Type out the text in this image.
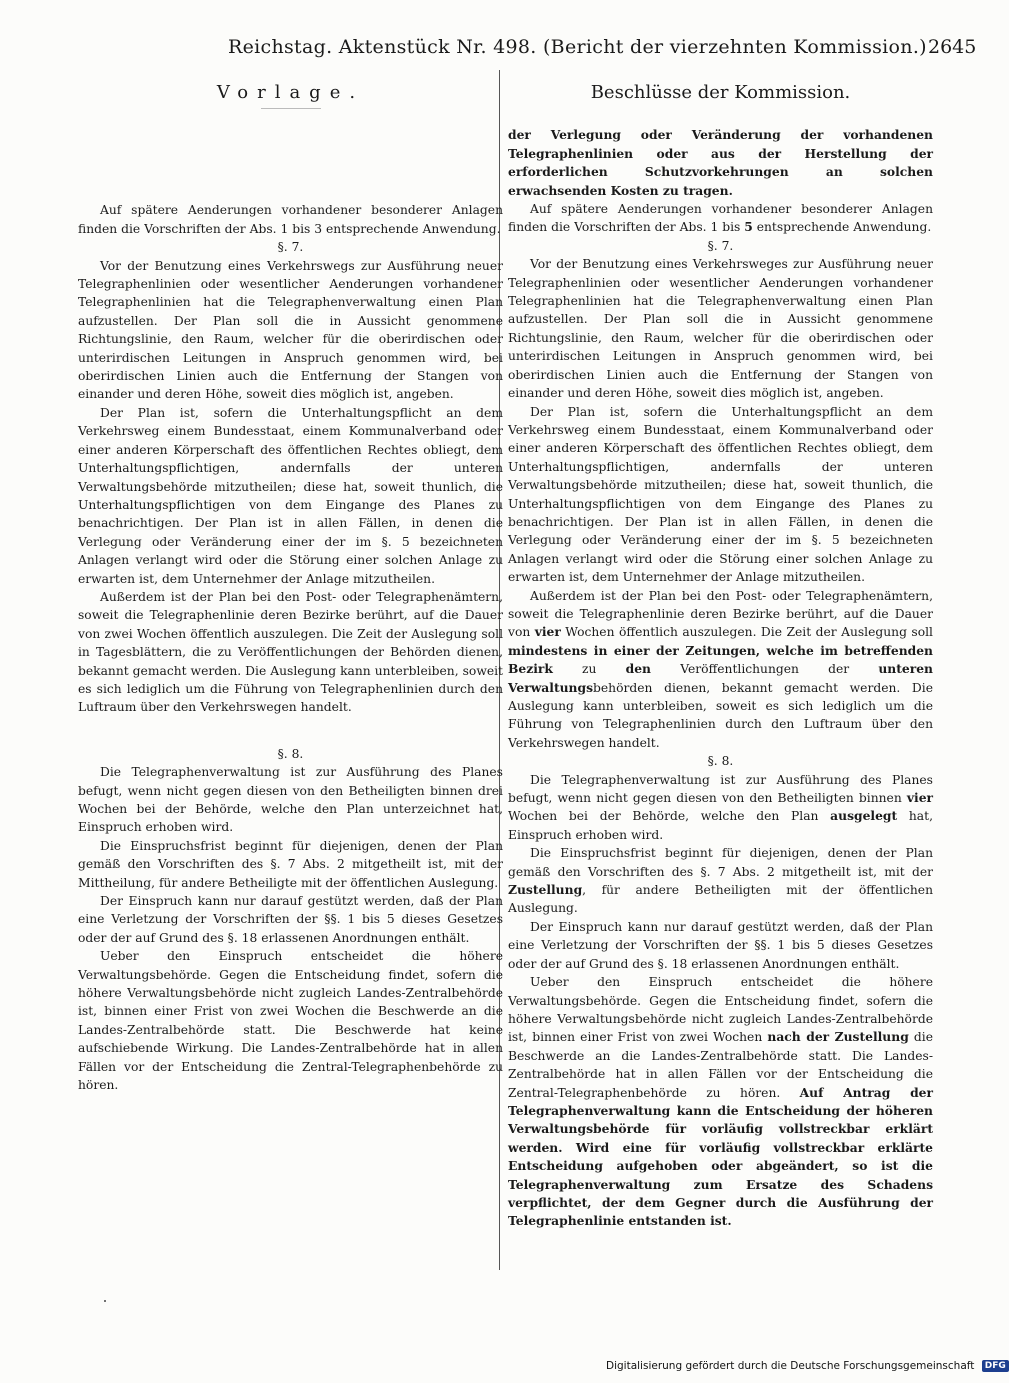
Reichstag. Aktenstück Nr. 498. (Bericht der vierzehnten Kommission.) 2645
Vorlage.

Auf spätere Aenderungen vorhandener besonderer Anlagen finden die Vorschriften der Abs. 1 bis 3 entsprechende Anwendung.

§. 7.

Vor der Benutzung eines Verkehrswegs zur Ausführung neuer Telegraphenlinien oder wesentlicher Aenderungen vorhandener Telegraphenlinien hat die Telegraphenverwaltung einen Plan aufzustellen. Der Plan soll die in Aussicht genommene Richtungslinie, den Raum, welcher für die oberirdischen oder unterirdischen Leitungen in Anspruch genommen wird, bei oberirdischen Linien auch die Entfernung der Stangen von einander und deren Höhe, soweit dies möglich ist, angeben.

Der Plan ist, sofern die Unterhaltungspflicht an dem Verkehrsweg einem Bundesstaat, einem Kommunalverband oder einer anderen Körperschaft des öffentlichen Rechtes obliegt, dem Unterhaltungspflichtigen, andernfalls der unteren Verwaltungsbehörde mitzutheilen; diese hat, soweit thunlich, die Unterhaltungspflichtigen von dem Eingange des Planes zu benachrichtigen. Der Plan ist in allen Fällen, in denen die Verlegung oder Veränderung einer der im §. 5 bezeichneten Anlagen verlangt wird oder die Störung einer solchen Anlage zu erwarten ist, dem Unternehmer der Anlage mitzutheilen.

Außerdem ist der Plan bei den Post- oder Telegraphenämtern, soweit die Telegraphenlinie deren Bezirke berührt, auf die Dauer von zwei Wochen öffentlich auszulegen. Die Zeit der Auslegung soll in Tagesblättern, die zu Veröffentlichungen der Behörden dienen, bekannt gemacht werden. Die Auslegung kann unterbleiben, soweit es sich lediglich um die Führung von Telegraphenlinien durch den Luftraum über den Verkehrswegen handelt.

§. 8.

Die Telegraphenverwaltung ist zur Ausführung des Planes befugt, wenn nicht gegen diesen von den Betheiligten binnen drei Wochen bei der Behörde, welche den Plan unterzeichnet hat, Einspruch erhoben wird.

Die Einspruchsfrist beginnt für diejenigen, denen der Plan gemäß den Vorschriften des §. 7 Abs. 2 mitgetheilt ist, mit der Mittheilung, für andere Betheiligte mit der öffentlichen Auslegung.

Der Einspruch kann nur darauf gestützt werden, daß der Plan eine Verletzung der Vorschriften der §§. 1 bis 5 dieses Gesetzes oder der auf Grund des §. 18 erlassenen Anordnungen enthält.

Ueber den Einspruch entscheidet die höhere Verwaltungsbehörde. Gegen die Entscheidung findet, sofern die höhere Verwaltungsbehörde nicht zugleich Landes-Zentralbehörde ist, binnen einer Frist von zwei Wochen die Beschwerde an die Landes-Zentralbehörde statt. Die Beschwerde hat keine aufschiebende Wirkung. Die Landes-Zentralbehörde hat in allen Fällen vor der Entscheidung die Zentral-Telegraphenbehörde zu hören.

Beschlüsse der Kommission.

der Verlegung oder Veränderung der vorhandenen Telegraphenlinien oder aus der Herstellung der erforderlichen Schutzvorkehrungen an solchen erwachsenden Kosten zu tragen.

Auf spätere Aenderungen vorhandener besonderer Anlagen finden die Vorschriften der Abs. 1 bis 5 entsprechende Anwendung.

§. 7.

Vor der Benutzung eines Verkehrsweges zur Ausführung neuer Telegraphenlinien oder wesentlicher Aenderungen vorhandener Telegraphenlinien hat die Telegraphenverwaltung einen Plan aufzustellen. Der Plan soll die in Aussicht genommene Richtungslinie, den Raum, welcher für die oberirdischen oder unterirdischen Leitungen in Anspruch genommen wird, bei oberirdischen Linien auch die Entfernung der Stangen von einander und deren Höhe, soweit dies möglich ist, angeben.

Der Plan ist, sofern die Unterhaltungspflicht an dem Verkehrsweg einem Bundesstaat, einem Kommunalverband oder einer anderen Körperschaft des öffentlichen Rechtes obliegt, dem Unterhaltungspflichtigen, andernfalls der unteren Verwaltungsbehörde mitzutheilen; diese hat, soweit thunlich, die Unterhaltungspflichtigen von dem Eingange des Planes zu benachrichtigen. Der Plan ist in allen Fällen, in denen die Verlegung oder Veränderung einer der im §. 5 bezeichneten Anlagen verlangt wird oder die Störung einer solchen Anlage zu erwarten ist, dem Unternehmer der Anlage mitzutheilen.

Außerdem ist der Plan bei den Post- oder Telegraphenämtern, soweit die Telegraphenlinie deren Bezirke berührt, auf die Dauer von vier Wochen öffentlich auszulegen. Die Zeit der Auslegung soll mindestens in einer der Zeitungen, welche im betreffenden Bezirk zu den Veröffentlichungen der unteren Verwaltungsbehörden dienen, bekannt gemacht werden. Die Auslegung kann unterbleiben, soweit es sich lediglich um die Führung von Telegraphenlinien durch den Luftraum über den Verkehrswegen handelt.

§. 8.

Die Telegraphenverwaltung ist zur Ausführung des Planes befugt, wenn nicht gegen diesen von den Betheiligten binnen vier Wochen bei der Behörde, welche den Plan ausgelegt hat, Einspruch erhoben wird.

Die Einspruchsfrist beginnt für diejenigen, denen der Plan gemäß den Vorschriften des §. 7 Abs. 2 mitgetheilt ist, mit der Zustellung, für andere Betheiligten mit der öffentlichen Auslegung.

Der Einspruch kann nur darauf gestützt werden, daß der Plan eine Verletzung der Vorschriften der §§. 1 bis 5 dieses Gesetzes oder der auf Grund des §. 18 erlassenen Anordnungen enthält.

Ueber den Einspruch entscheidet die höhere Verwaltungsbehörde. Gegen die Entscheidung findet, sofern die höhere Verwaltungsbehörde nicht zugleich Landes-Zentralbehörde ist, binnen einer Frist von zwei Wochen nach der Zustellung die Beschwerde an die Landes-Zentralbehörde statt. Die Landes-Zentralbehörde hat in allen Fällen vor der Entscheidung die Zentral-Telegraphenbehörde zu hören. Auf Antrag der Telegraphenverwaltung kann die Entscheidung der höheren Verwaltungsbehörde für vorläufig vollstreckbar erklärt werden. Wird eine für vorläufig vollstreckbar erklärte Entscheidung aufgehoben oder abgeändert, so ist die Telegraphenverwaltung zum Ersatze des Schadens verpflichtet, der dem Gegner durch die Ausführung der Telegraphenlinie entstanden ist.

Digitalisierung gefördert durch die Deutsche Forschungsgemeinschaft DFG
